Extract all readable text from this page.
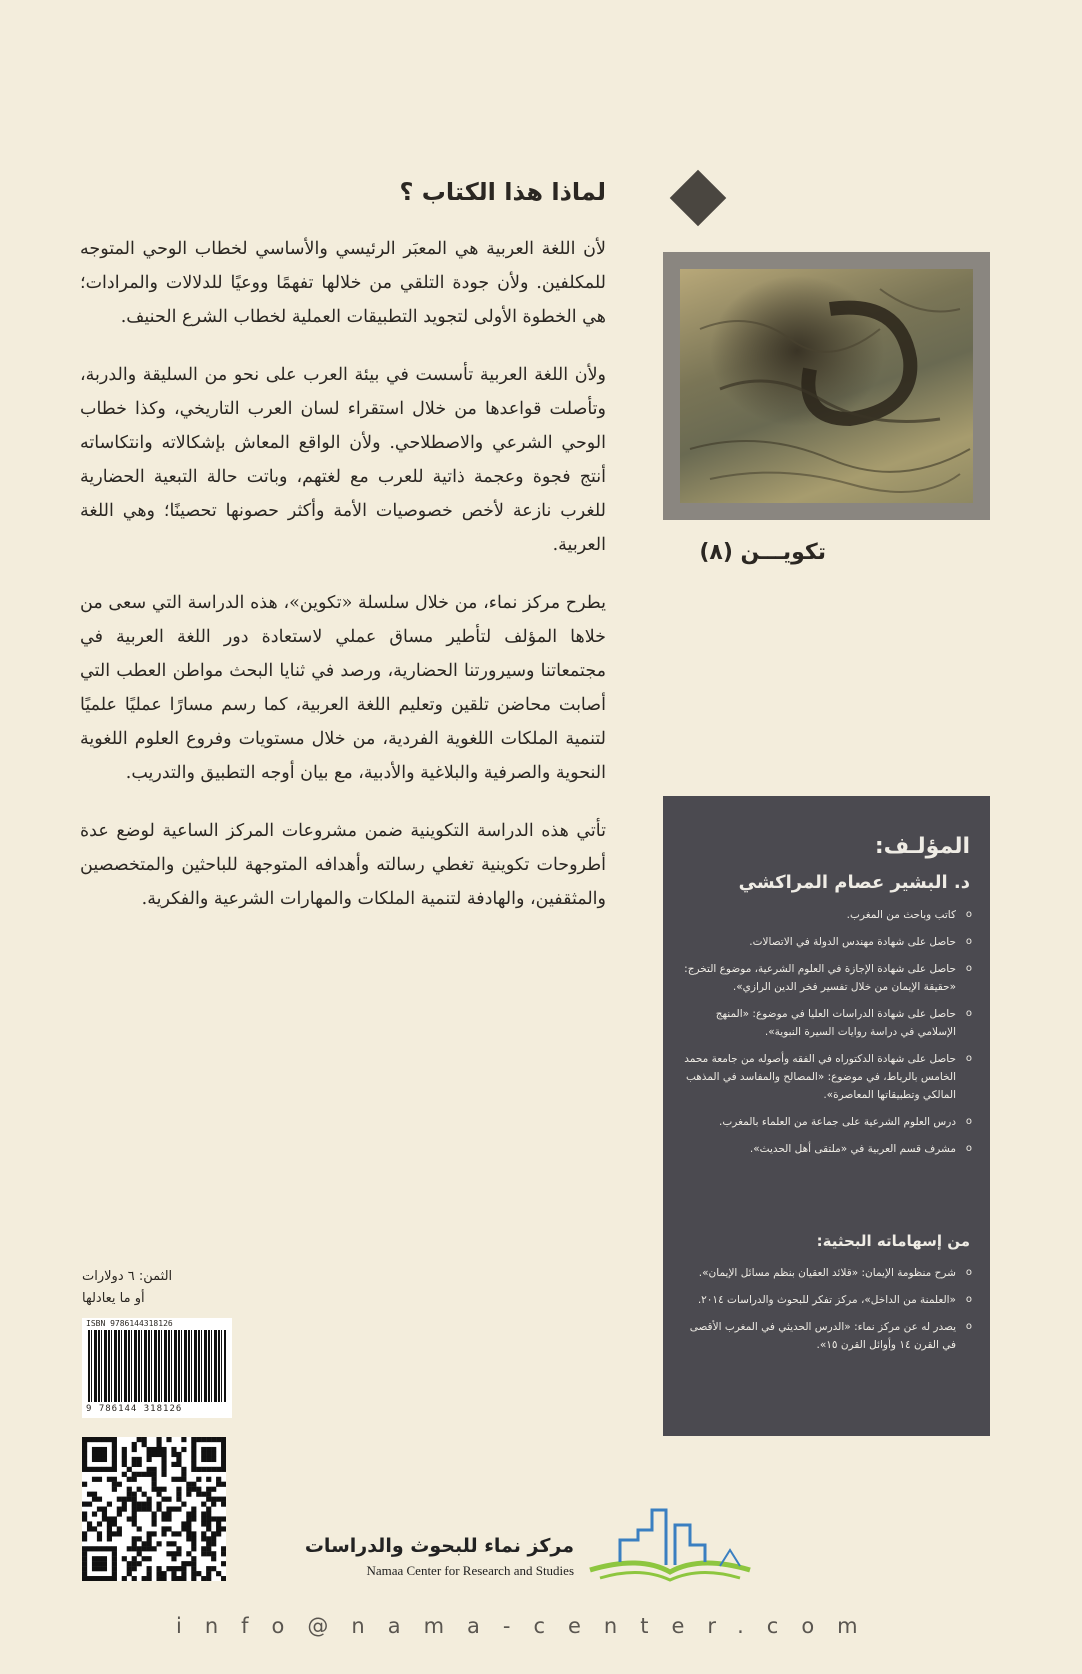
لماذا هذا الكتاب ؟

لأن اللغة العربية هي المعبَر الرئيسي والأساسي لخطاب الوحي المتوجه للمكلفين. ولأن جودة التلقي من خلالها تفهمًا ووعيًا للدلالات والمرادات؛ هي الخطوة الأولى لتجويد التطبيقات العملية لخطاب الشرع الحنيف.

ولأن اللغة العربية تأسست في بيئة العرب على نحو من السليقة والدربة، وتأصلت قواعدها من خلال استقراء لسان العرب التاريخي، وكذا خطاب الوحي الشرعي والاصطلاحي. ولأن الواقع المعاش بإشكالاته وانتكاساته أنتج فجوة وعجمة ذاتية للعرب مع لغتهم، وباتت حالة التبعية الحضارية للغرب نازعة لأخص خصوصيات الأمة وأكثر حصونها تحصينًا؛ وهي اللغة العربية.

يطرح مركز نماء، من خلال سلسلة «تكوين»، هذه الدراسة التي سعى من خلاها المؤلف لتأطير مساق عملي لاستعادة دور اللغة العربية في مجتمعاتنا وسيرورتنا الحضارية، ورصد في ثنايا البحث مواطن العطب التي أصابت محاضن تلقين وتعليم اللغة العربية، كما رسم مسارًا عمليًا علميًا لتنمية الملكات اللغوية الفردية، من خلال مستويات وفروع العلوم اللغوية النحوية والصرفية والبلاغية والأدبية، مع بيان أوجه التطبيق والتدريب.

تأتي هذه الدراسة التكوينية ضمن مشروعات المركز الساعية لوضع عدة أطروحات تكوينية تغطي رسالته وأهدافه المتوجهة للباحثين والمتخصصين والمثقفين، والهادفة لتنمية الملكات والمهارات الشرعية والفكرية.

تكويـــن (٨)
المؤلـف:
د. البشير عصام المراكشي
o
كاتب وباحث من المغرب.
o
حاصل على شهادة مهندس الدولة في الاتصالات.
o
حاصل على شهادة الإجازة في العلوم الشرعية، موضوع التخرج: «حقيقة الإيمان من خلال تفسير فخر الدين الرازي».
o
حاصل على شهادة الدراسات العليا في موضوع: «المنهج الإسلامي في دراسة روايات السيرة النبوية».
o
حاصل على شهادة الدكتوراه في الفقه وأصوله من جامعة محمد الخامس بالرباط، في موضوع: «المصالح والمفاسد في المذهب المالكي وتطبيقاتها المعاصرة».
o
درس العلوم الشرعية على جماعة من العلماء بالمغرب.
o
مشرف قسم العربية في «ملتقى أهل الحديث».
من إسهاماته البحثية:
o
شرح منظومة الإيمان: «قلائد العقيان بنظم مسائل الإيمان».
o
«العلمنة من الداخل»، مركز تفكر للبحوث والدراسات ٢٠١٤.
o
يصدر له عن مركز نماء: «الدرس الحديثي في المغرب الأقصى في القرن ١٤ وأوائل القرن ١٥».
الثمن: ٦ دولارات
أو ما يعادلها
ISBN 9786144318126
9 786144 318126
مركز نماء للبحوث والدراسات
Namaa Center for Research and Studies
info@nama-center.com
